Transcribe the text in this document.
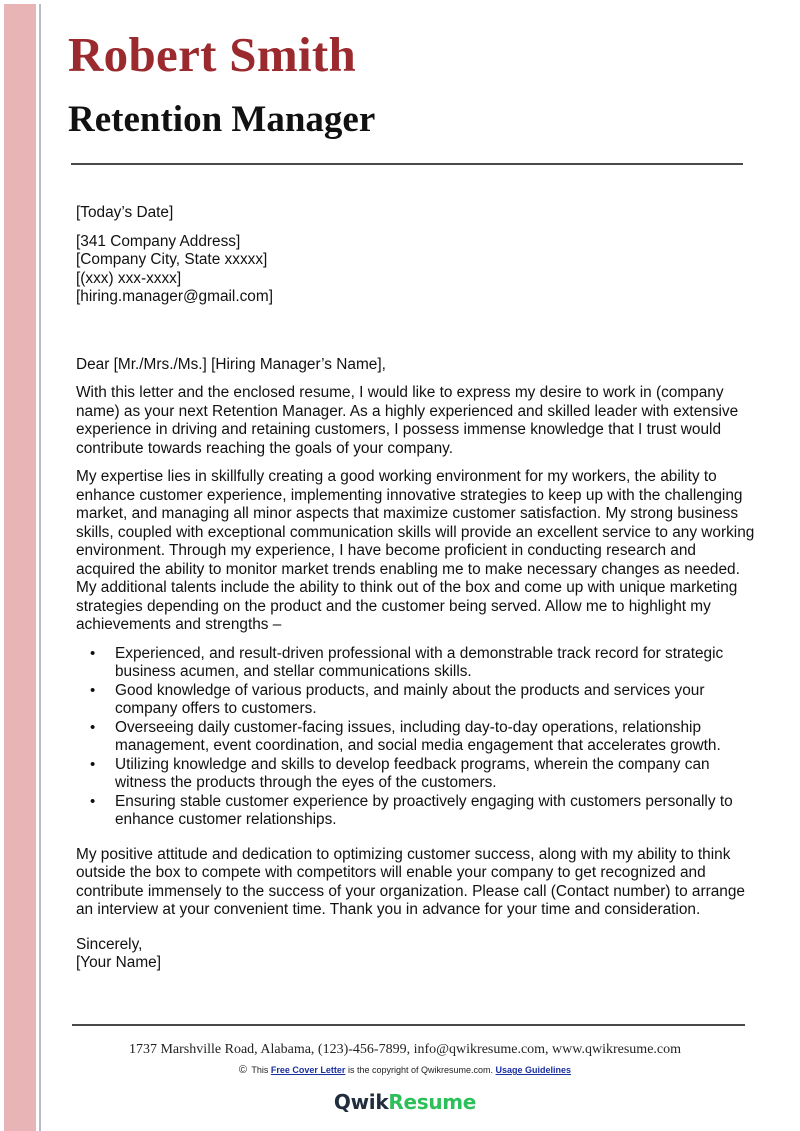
Robert Smith
Retention Manager

[Today’s Date]

[341 Company Address]
[Company City, State xxxxx]
[(xxx) xxx-xxxx]
[hiring.manager@gmail.com]

Dear [Mr./Mrs./Ms.] [Hiring Manager’s Name],

With this letter and the enclosed resume, I would like to express my desire to work in (company name) as your next Retention Manager. As a highly experienced and skilled leader with extensive experience in driving and retaining customers, I possess immense knowledge that I trust would contribute towards reaching the goals of your company.

My expertise lies in skillfully creating a good working environment for my workers, the ability to enhance customer experience, implementing innovative strategies to keep up with the challenging market, and managing all minor aspects that maximize customer satisfaction. My strong business skills, coupled with exceptional communication skills will provide an excellent service to any working environment. Through my experience, I have become proficient in conducting research and acquired the ability to monitor market trends enabling me to make necessary changes as needed. My additional talents include the ability to think out of the box and come up with unique marketing strategies depending on the product and the customer being served. Allow me to highlight my achievements and strengths –

• Experienced, and result-driven professional with a demonstrable track record for strategic business acumen, and stellar communications skills.
• Good knowledge of various products, and mainly about the products and services your company offers to customers.
• Overseeing daily customer-facing issues, including day-to-day operations, relationship management, event coordination, and social media engagement that accelerates growth.
• Utilizing knowledge and skills to develop feedback programs, wherein the company can witness the products through the eyes of the customers.
• Ensuring stable customer experience by proactively engaging with customers personally to enhance customer relationships.

My positive attitude and dedication to optimizing customer success, along with my ability to think outside the box to compete with competitors will enable your company to get recognized and contribute immensely to the success of your organization. Please call (Contact number) to arrange an interview at your convenient time. Thank you in advance for your time and consideration.

Sincerely,

[Your Name]

1737 Marshville Road, Alabama, (123)-456-7899, info@qwikresume.com, www.qwikresume.com
© This Free Cover Letter is the copyright of Qwikresume.com. Usage Guidelines
QwikResume
